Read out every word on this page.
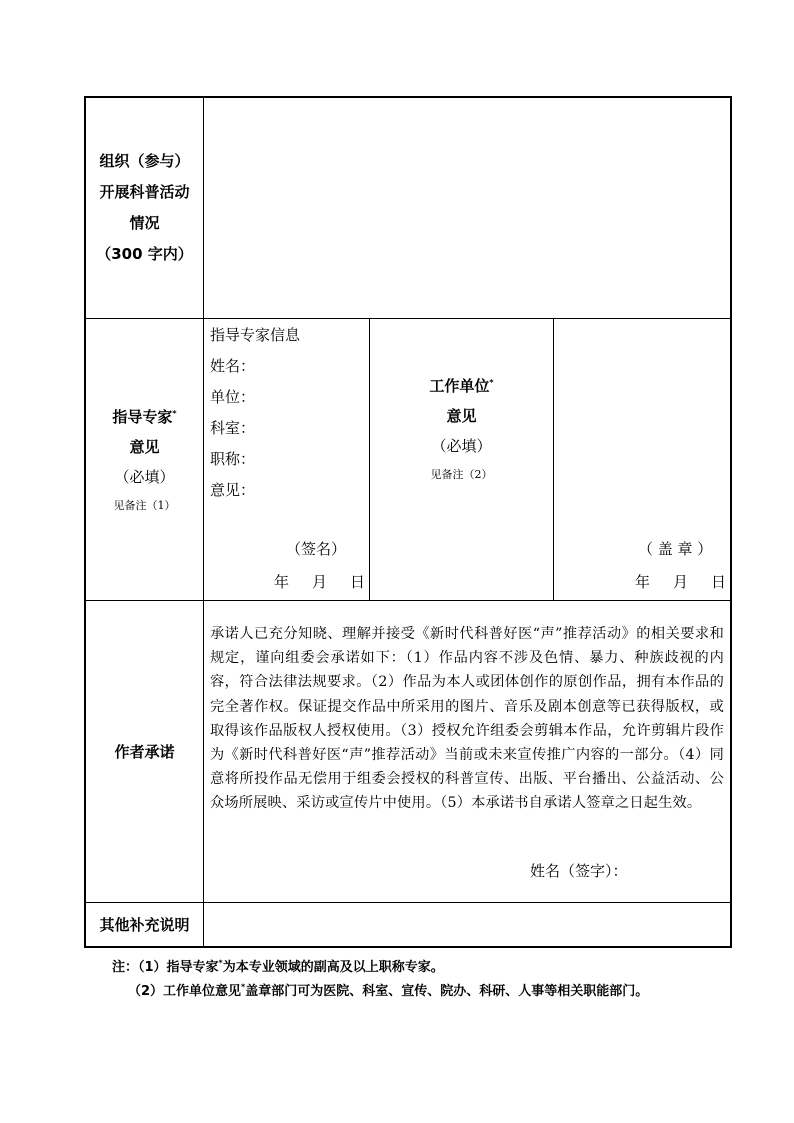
组织（参与）
开展科普活动
情况
（300 字内）
指导专家*
意见
（必填）
见备注（1）
指导专家信息
姓名：
单位：
科室：
职称：
意见：
（签名）
年　月　日
工作单位*
意见
（必填）
见备注（2）
（ 盖 章 ）
年　月　日
作者承诺
其他补充说明
承诺人已充分知晓、理解并接受《新时代科普好医“声”推荐活动》的相关要求和规定，谨向组委会承诺如下：（1）作品内容不涉及色情、暴力、种族歧视的内容，符合法律法规要求。（2）作品为本人或团体创作的原创作品，拥有本作品的完全著作权。保证提交作品中所采用的图片、音乐及剧本创意等已获得版权，或取得该作品版权人授权使用。（3）授权允许组委会剪辑本作品，允许剪辑片段作为《新时代科普好医“声”推荐活动》当前或未来宣传推广内容的一部分。（4）同意将所投作品无偿用于组委会授权的科普宣传、出版、平台播出、公益活动、公众场所展映、采访或宣传片中使用。（5）本承诺书自承诺人签章之日起生效。
姓名（签字）：
注：（1）指导专家*为本专业领域的副高及以上职称专家。
（2）工作单位意见*盖章部门可为医院、科室、宣传、院办、科研、人事等相关职能部门。
